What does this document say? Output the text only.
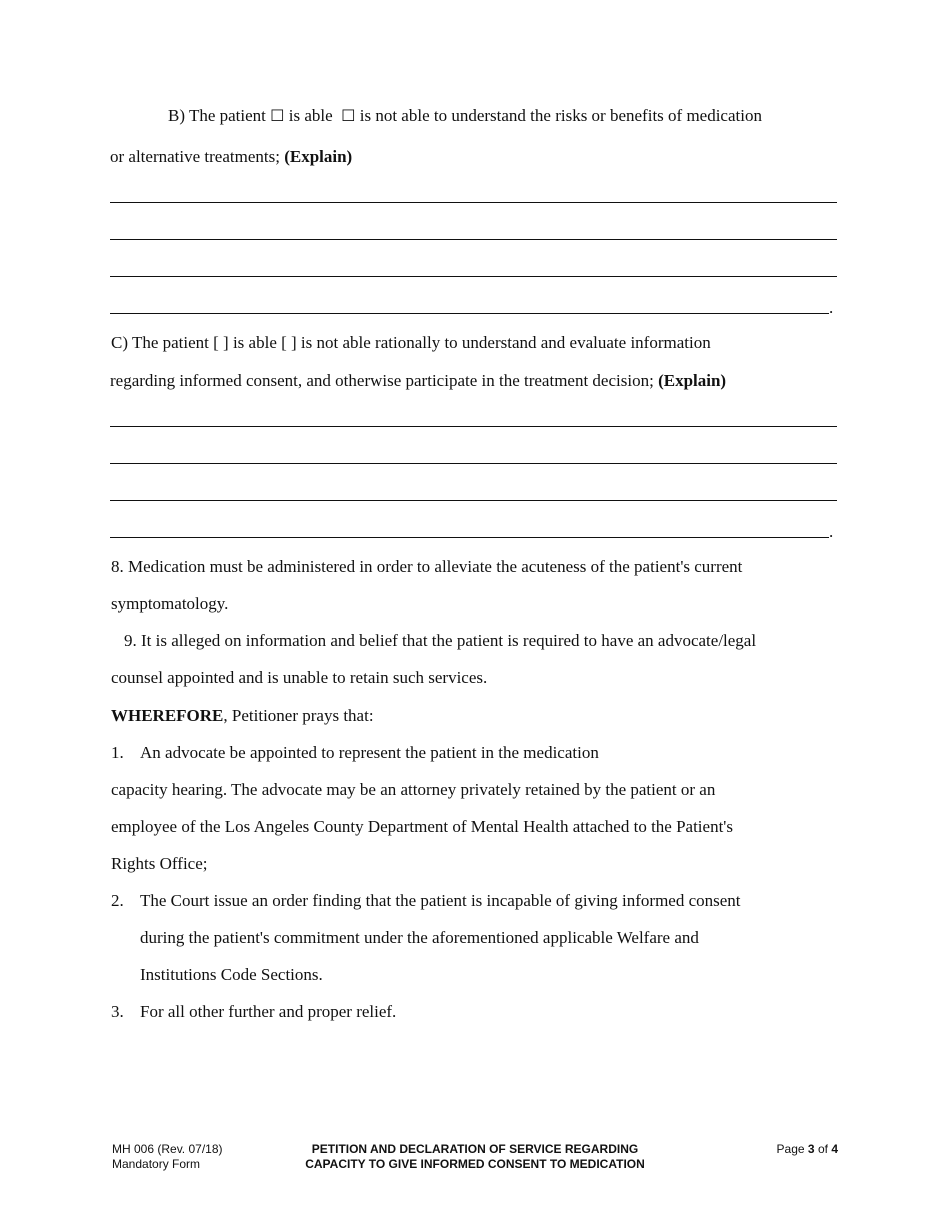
B) The patient ☐ is able ☐ is not able to understand the risks or benefits of medication
or alternative treatments; (Explain)
.
C) The patient [ ] is able [ ] is not able rationally to understand and evaluate information
regarding informed consent, and otherwise participate in the treatment decision; (Explain)
.
8. Medication must be administered in order to alleviate the acuteness of the patient's current
symptomatology.
9. It is alleged on information and belief that the patient is required to have an advocate/legal
counsel appointed and is unable to retain such services.
WHEREFORE, Petitioner prays that:
1. An advocate be appointed to represent the patient in the medication
capacity hearing. The advocate may be an attorney privately retained by the patient or an
employee of the Los Angeles County Department of Mental Health attached to the Patient's
Rights Office;
2. The Court issue an order finding that the patient is incapable of giving informed consent
during the patient's commitment under the aforementioned applicable Welfare and
Institutions Code Sections.
3. For all other further and proper relief.
MH 006 (Rev. 07/18)
Mandatory Form
PETITION AND DECLARATION OF SERVICE REGARDING
CAPACITY TO GIVE INFORMED CONSENT TO MEDICATION
Page 3 of 4
